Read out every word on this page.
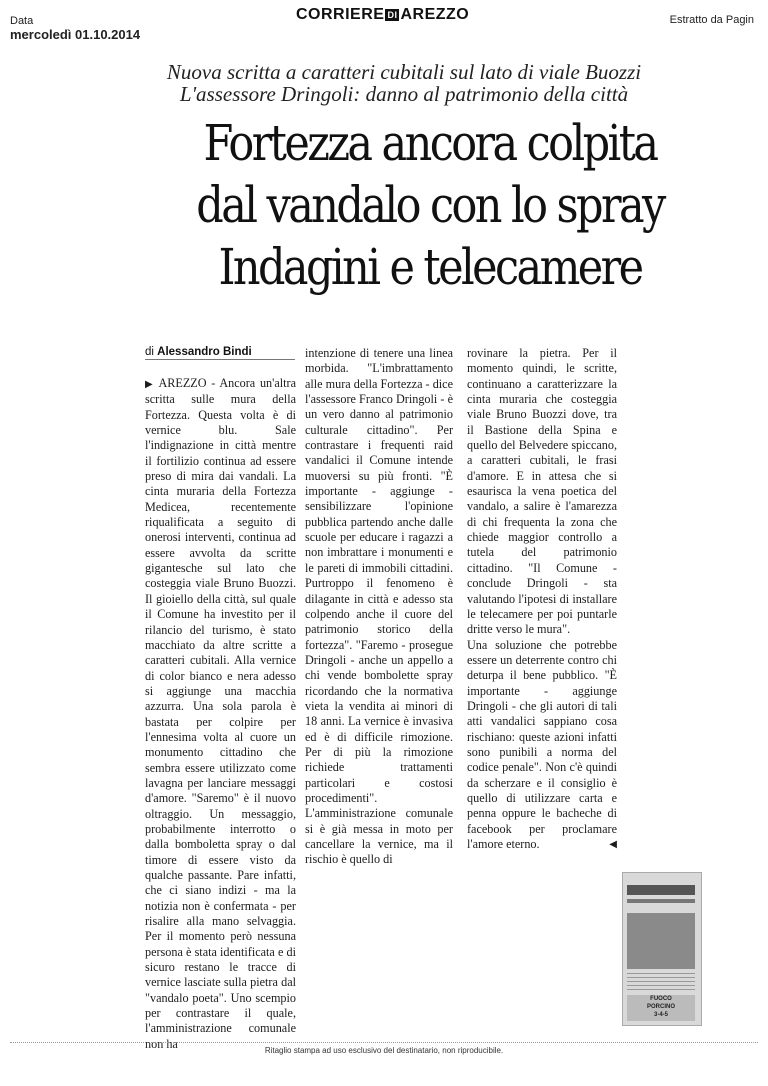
Data
mercoledì 01.10.2014
CORRIERE DI AREZZO	Estratto da Pagin
Nuova scritta a caratteri cubitali sul lato di viale Buozzi
L'assessore Dringoli: danno al patrimonio della città
Fortezza ancora colpita
dal vandalo con lo spray
Indagini e telecamere
di Alessandro Bindi

▶ AREZZO - Ancora un'altra scritta sulle mura della Fortezza. Questa volta è di vernice blu. Sale l'indignazione in città mentre il fortilizio continua ad essere preso di mira dai vandali. La cinta muraria della Fortezza Medicea, recentemente riqualificata a seguito di onerosi interventi, continua ad essere avvolta da scritte gigantesche sul lato che costeggia viale Bruno Buozzi. Il gioiello della città, sul quale il Comune ha investito per il rilancio del turismo, è stato macchiato da altre scritte a caratteri cubitali. Alla vernice di color bianco e nera adesso si aggiunge una macchia azzurra. Una sola parola è bastata per colpire per l'ennesima volta al cuore un monumento cittadino che sembra essere utilizzato come lavagna per lanciare messaggi d'amore. "Saremo" è il nuovo oltraggio. Un messaggio, probabilmente interrotto o dalla bomboletta spray o dal timore di essere visto da qualche passante. Pare infatti, che ci siano indizi - ma la notizia non è confermata - per risalire alla mano selvaggia. Per il momento però nessuna persona è stata identificata e di sicuro restano le tracce di vernice lasciate sulla pietra dal "vandalo poeta". Uno scempio per contrastare il quale, l'amministrazione comunale non ha

intenzione di tenere una linea morbida. "L'imbrattamento alle mura della Fortezza - dice l'assessore Franco Dringoli - è un vero danno al patrimonio culturale cittadino". Per contrastare i frequenti raid vandalici il Comune intende muoversi su più fronti. "È importante - aggiunge - sensibilizzare l'opinione pubblica partendo anche dalle scuole per educare i ragazzi a non imbrattare i monumenti e le pareti di immobili cittadini. Purtroppo il fenomeno è dilagante in città e adesso sta colpendo anche il cuore del patrimonio storico della fortezza". "Faremo - prosegue Dringoli - anche un appello a chi vende bombolette spray ricordando che la normativa vieta la vendita ai minori di 18 anni. La vernice è invasiva ed è di difficile rimozione. Per di più la rimozione richiede trattamenti particolari e costosi procedimenti". L'amministrazione comunale si è già messa in moto per cancellare la vernice, ma il rischio è quello di

rovinare la pietra. Per il momento quindi, le scritte, continuano a caratterizzare la cinta muraria che costeggia viale Bruno Buozzi dove, tra il Bastione della Spina e quello del Belvedere spiccano, a caratteri cubitali, le frasi d'amore. E in attesa che si esaurisca la vena poetica del vandalo, a salire è l'amarezza di chi frequenta la zona che chiede maggior controllo a tutela del patrimonio cittadino. "Il Comune - conclude Dringoli - sta valutando l'ipotesi di installare le telecamere per poi puntarle dritte verso le mura".

Una soluzione che potrebbe essere un deterrente contro chi deturpa il bene pubblico. "È importante - aggiunge Dringoli - che gli autori di tali atti vandalici sappiano cosa rischiano: queste azioni infatti sono punibili a norma del codice penale". Non c'è quindi da scherzare e il consiglio è quello di utilizzare carta e penna oppure le bacheche di facebook per proclamare l'amore eterno.	◀

FUOCO
PORCINO
3-4-5
Ritaglio stampa ad uso esclusivo del destinatario, non riproducibile.
